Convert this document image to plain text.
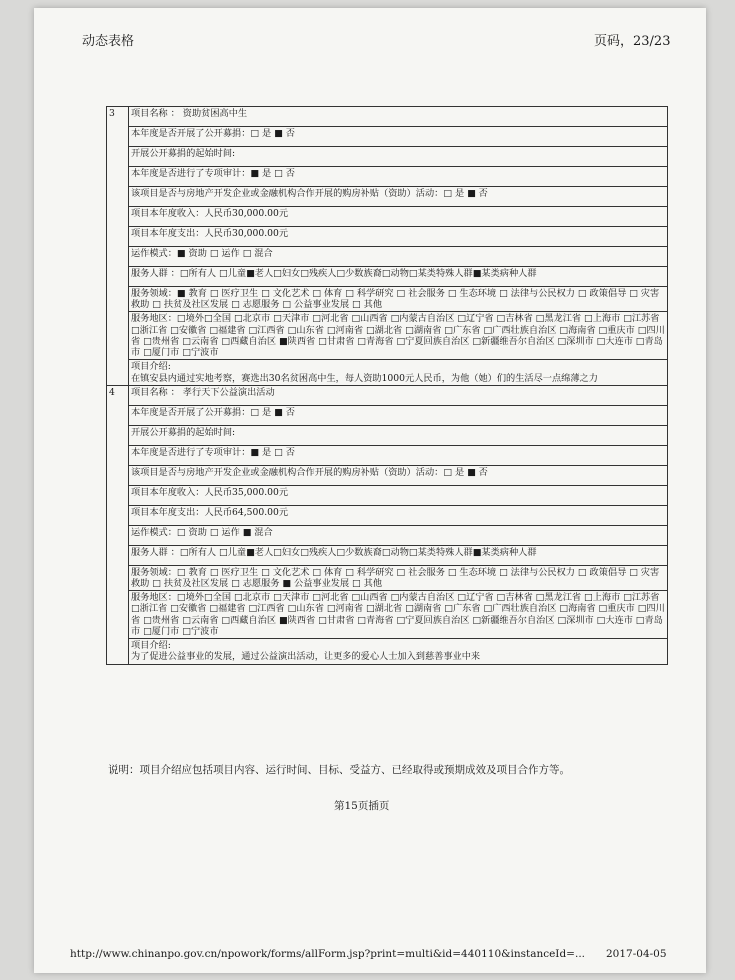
动态表格	页码，23/23
3	项目名称 ： 资助贫困高中生
	本年度是否开展了公开募捐：□ 是 ■ 否
	开展公开募捐的起始时间:
	本年度是否进行了专项审计：■ 是 □ 否
	该项目是否与房地产开发企业或金融机构合作开展的购房补贴（资助）活动：□ 是 ■ 否
	项目本年度收入：人民币30,000.00元
	项目本年度支出：人民币30,000.00元
	运作模式：■ 资助 □ 运作 □ 混合
	服务人群 ：□所有人 □儿童■老人□妇女□残疾人□少数族裔□动物□某类特殊人群■某类病种人群
	服务领域：■ 教育 □ 医疗卫生 □ 文化艺术 □ 体育 □ 科学研究 □ 社会服务 □ 生态环境 □ 法律与公民权力 □ 政策倡导 □ 灾害救助 □ 扶贫及社区发展 □ 志愿服务 □ 公益事业发展 □ 其他
	服务地区：□境外□全国 □北京市 □天津市 □河北省 □山西省 □内蒙古自治区 □辽宁省 □吉林省 □黑龙江省 □上海市 □江苏省 □浙江省 □安徽省 □福建省 □江西省 □山东省 □河南省 □湖北省 □湖南省 □广东省 □广西壮族自治区 □海南省 □重庆市 □四川省 □贵州省 □云南省 □西藏自治区 ■陕西省 □甘肃省 □青海省 □宁夏回族自治区 □新疆维吾尔自治区 □深圳市 □大连市 □青岛市 □厦门市 □宁波市

	项目介绍:
在镇安县内通过实地考察，赛选出30名贫困高中生，每人资助1000元人民币，为他（她）们的生活尽一点绵薄之力

4	项目名称 ： 孝行天下公益演出活动
	本年度是否开展了公开募捐：□ 是 ■ 否
	开展公开募捐的起始时间:
	本年度是否进行了专项审计：■ 是 □ 否
	该项目是否与房地产开发企业或金融机构合作开展的购房补贴（资助）活动：□ 是 ■ 否
	项目本年度收入：人民币35,000.00元
	项目本年度支出：人民币64,500.00元
	运作模式：□ 资助 □ 运作 ■ 混合
	服务人群 ：□所有人 □儿童■老人□妇女□残疾人□少数族裔□动物□某类特殊人群■某类病种人群
	服务领域：□ 教育 □ 医疗卫生 □ 文化艺术 □ 体育 □ 科学研究 □ 社会服务 □ 生态环境 □ 法律与公民权力 □ 政策倡导 □ 灾害救助 □ 扶贫及社区发展 □ 志愿服务 ■ 公益事业发展 □ 其他
	服务地区：□境外□全国 □北京市 □天津市 □河北省 □山西省 □内蒙古自治区 □辽宁省 □吉林省 □黑龙江省 □上海市 □江苏省 □浙江省 □安徽省 □福建省 □江西省 □山东省 □河南省 □湖北省 □湖南省 □广东省 □广西壮族自治区 □海南省 □重庆市 □四川省 □贵州省 □云南省 □西藏自治区 ■陕西省 □甘肃省 □青海省 □宁夏回族自治区 □新疆维吾尔自治区 □深圳市 □大连市 □青岛市 □厦门市 □宁波市

	项目介绍:
为了促进公益事业的发展，通过公益演出活动，让更多的爱心人士加入到慈善事业中来
说明：项目介绍应包括项目内容、运行时间、目标、受益方、已经取得或预期成效及项目合作方等。
第15页插页
http://www.chinanpo.gov.cn/npowork/forms/allForm.jsp?print=multi&id=440110&instanceId=... 2017-04-05
